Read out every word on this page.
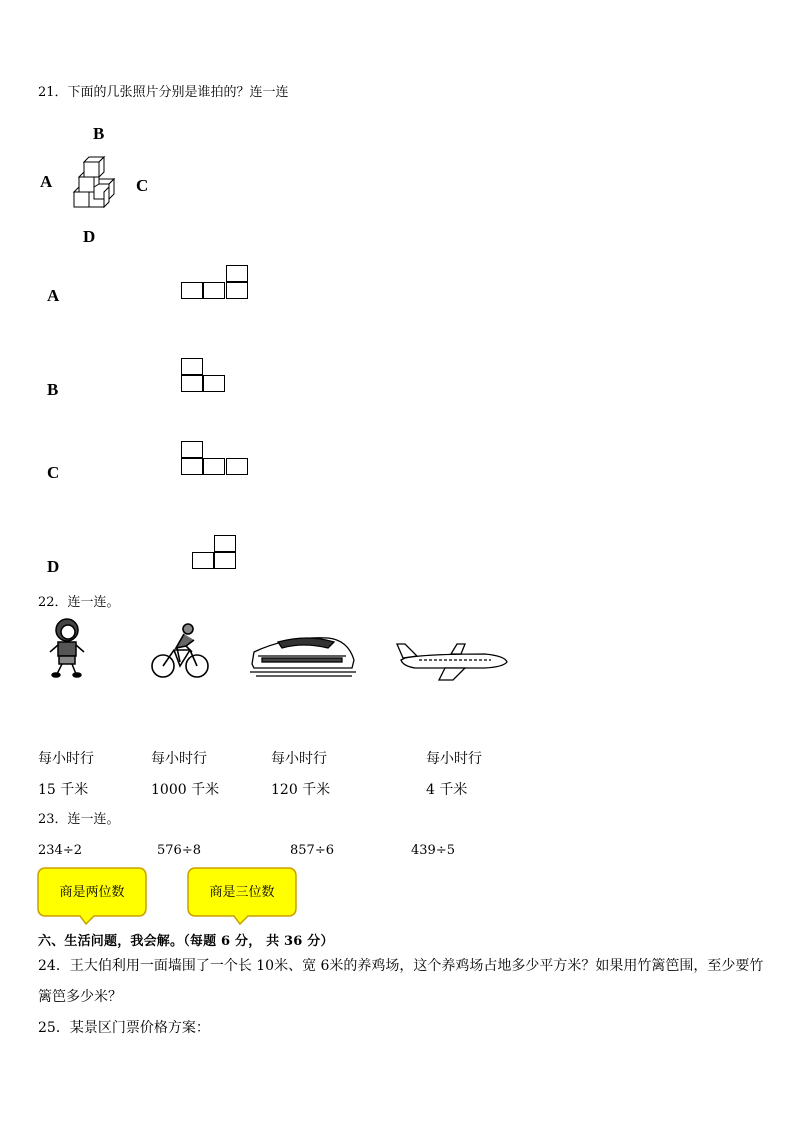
21．下面的几张照片分别是谁拍的？连一连
B
A	C
D
A
B
C
D
22．连一连。
每小时行
15 千米
每小时行
1000 千米
每小时行
120 千米
每小时行
4 千米
23．连一连。
234÷2	576÷8	857÷6	439÷5
商是两位数	商是三位数
六、生活问题，我会解。（每题 6 分， 共 36 分）
24．王大伯利用一面墙围了一个长 10米、宽 6米的养鸡场，这个养鸡场占地多少平方米？如果用竹篱笆围，至少要竹
篱笆多少米？
25．某景区门票价格方案：
